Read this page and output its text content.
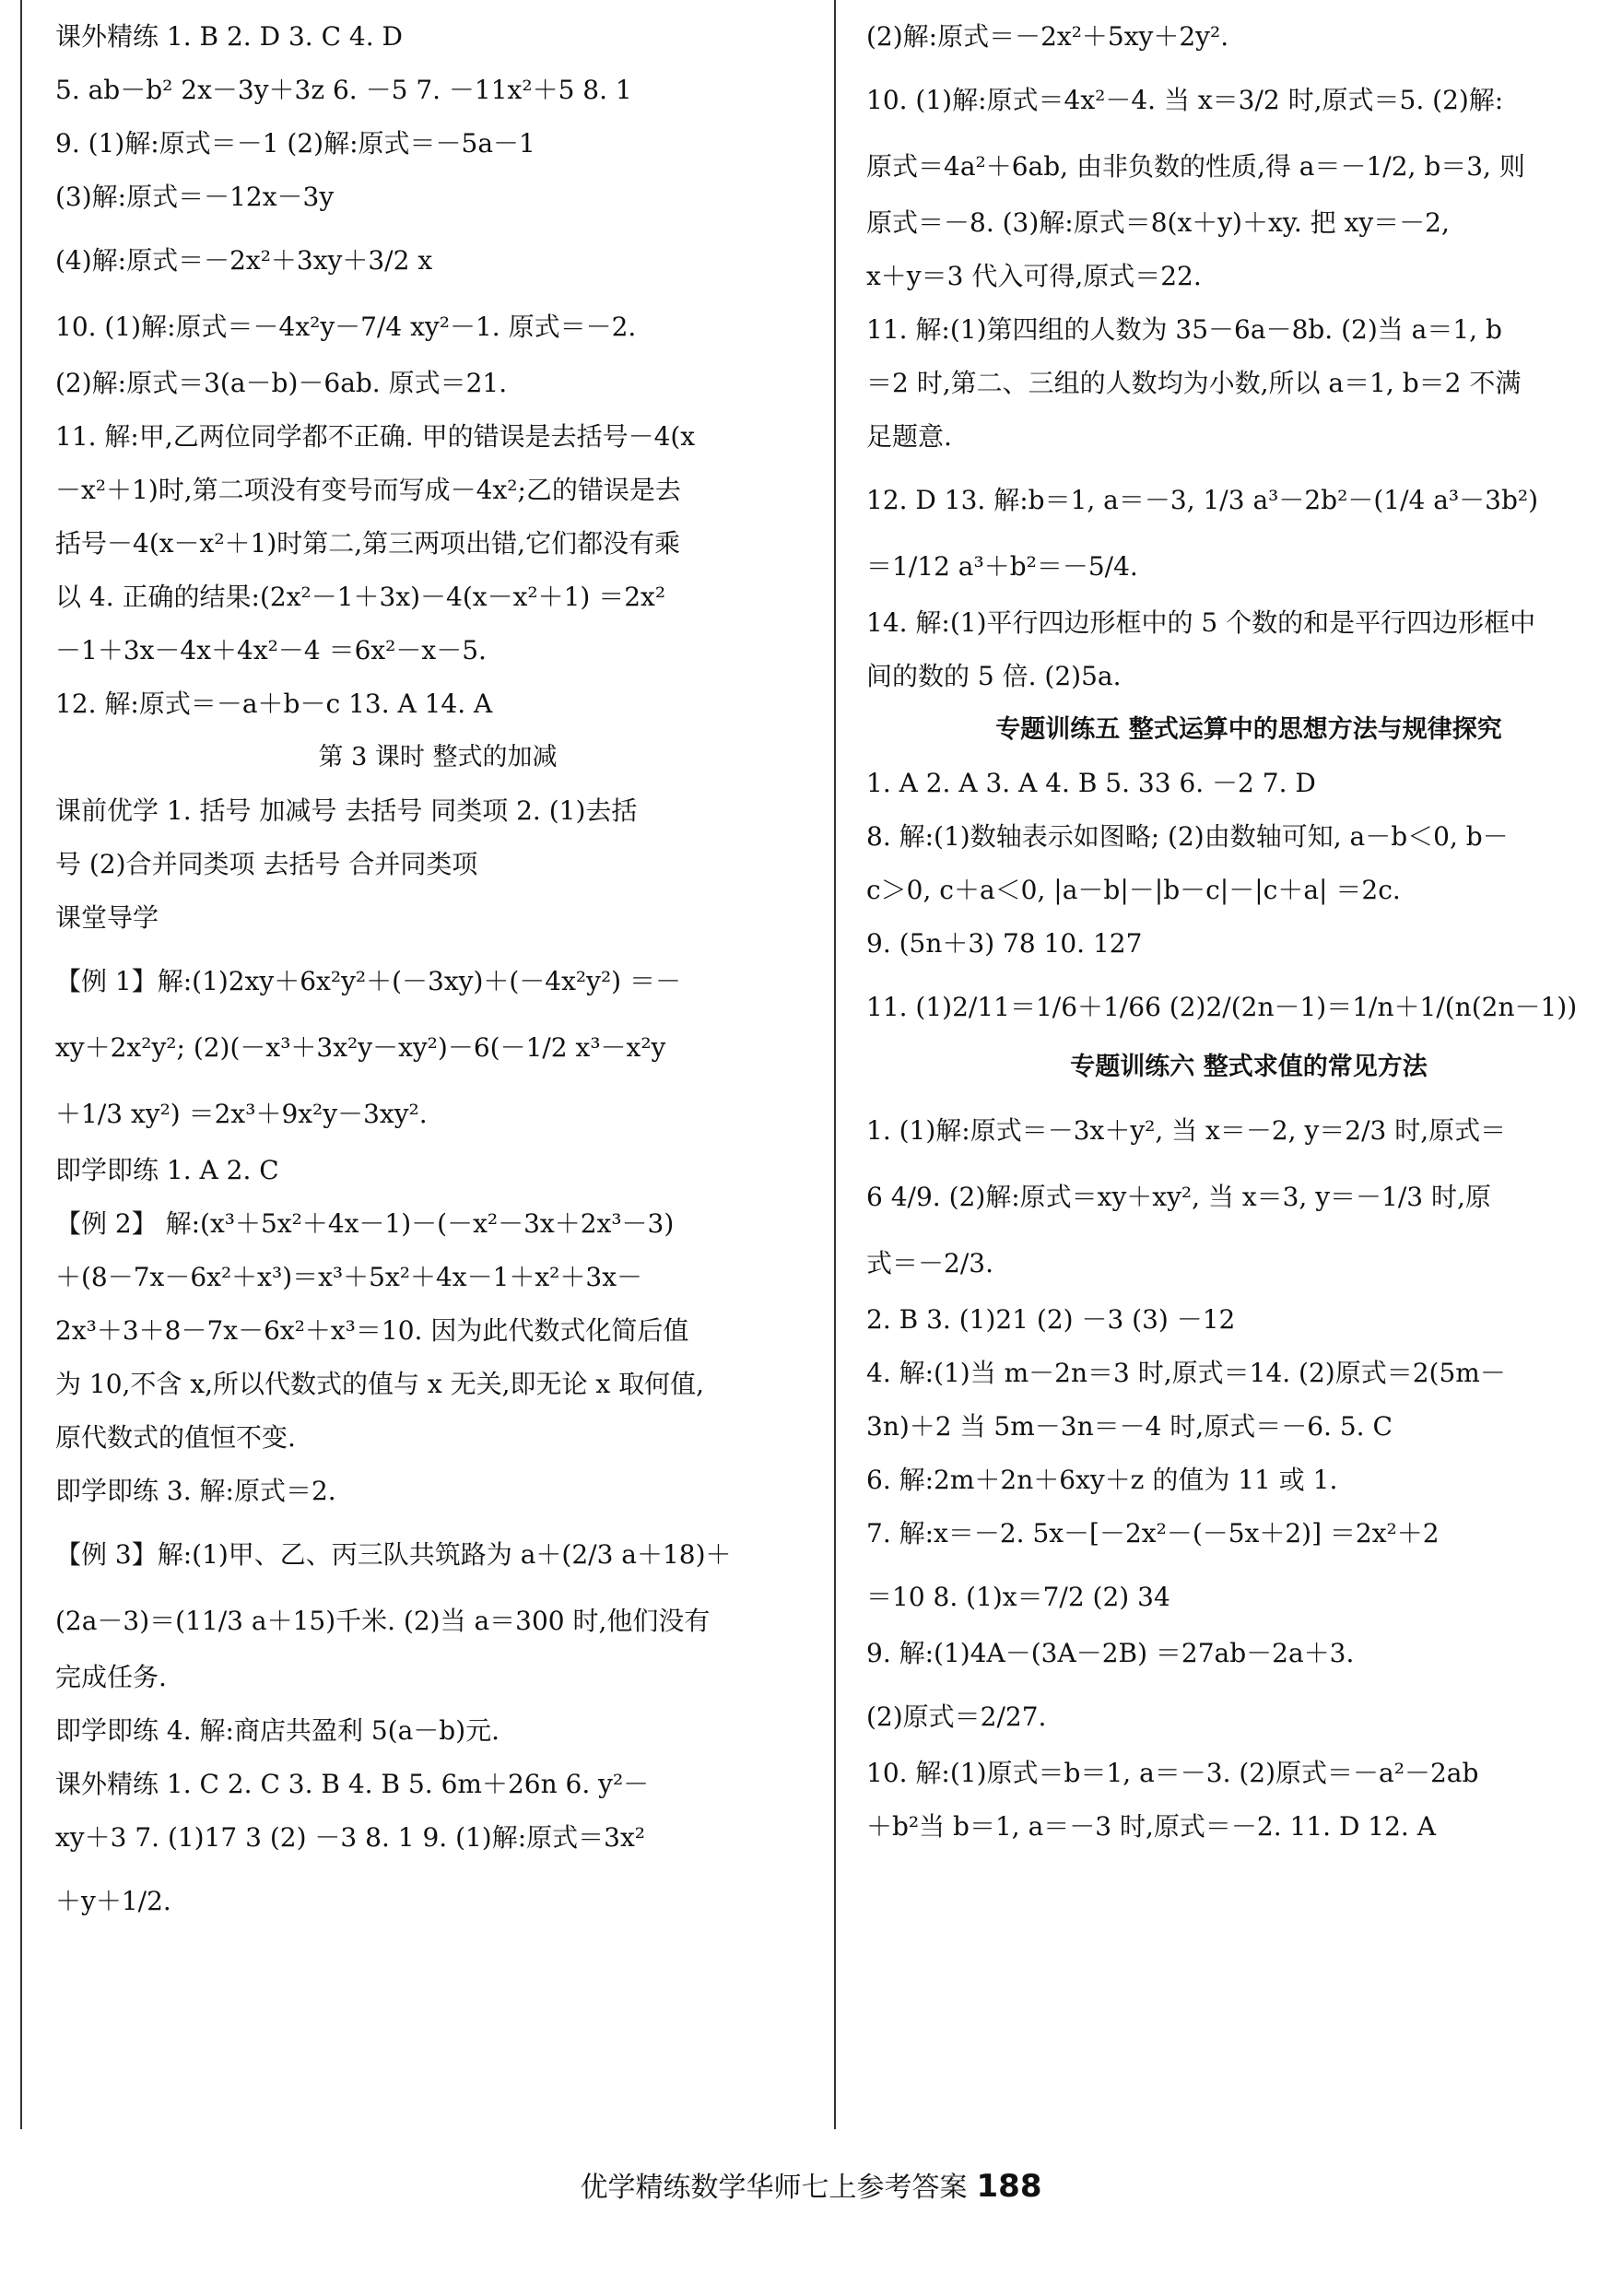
课外精练 1. B 2. D 3. C 4. D
5. ab－b² 2x－3y＋3z 6. －5 7. －11x²＋5 8. 1
9. (1)解:原式＝－1 (2)解:原式＝－5a－1
(3)解:原式＝－12x－3y
(4)解:原式＝－2x²＋3xy＋3/2 x
10. (1)解:原式＝－4x²y－7/4 xy²－1. 原式＝－2.
(2)解:原式＝3(a－b)－6ab. 原式＝21.
11. 解:甲,乙两位同学都不正确. 甲的错误是去括号－4(x
－x²＋1)时,第二项没有变号而写成－4x²;乙的错误是去
括号－4(x－x²＋1)时第二,第三两项出错,它们都没有乘
以 4. 正确的结果:(2x²－1＋3x)－4(x－x²＋1) ＝2x²
－1＋3x－4x＋4x²－4 ＝6x²－x－5.
12. 解:原式＝－a＋b－c 13. A 14. A
第 3 课时 整式的加减
课前优学 1. 括号 加减号 去括号 同类项 2. (1)去括
号 (2)合并同类项 去括号 合并同类项
课堂导学
【例 1】解:(1)2xy＋6x²y²＋(－3xy)＋(－4x²y²) ＝－
xy＋2x²y²; (2)(－x³＋3x²y－xy²)－6(－1/2 x³－x²y
＋1/3 xy²) ＝2x³＋9x²y－3xy².
即学即练 1. A 2. C
【例 2】 解:(x³＋5x²＋4x－1)－(－x²－3x＋2x³－3)
＋(8－7x－6x²＋x³)＝x³＋5x²＋4x－1＋x²＋3x－
2x³＋3＋8－7x－6x²＋x³＝10. 因为此代数式化简后值
为 10,不含 x,所以代数式的值与 x 无关,即无论 x 取何值,
原代数式的值恒不变.
即学即练 3. 解:原式＝2.
【例 3】解:(1)甲、乙、丙三队共筑路为 a＋(2/3 a＋18)＋
(2a－3)＝(11/3 a＋15)千米. (2)当 a＝300 时,他们没有
完成任务.
即学即练 4. 解:商店共盈利 5(a－b)元.
课外精练 1. C 2. C 3. B 4. B 5. 6m＋26n 6. y²－
xy＋3 7. (1)17 3 (2) －3 8. 1 9. (1)解:原式＝3x²
＋y＋1/2.
(2)解:原式＝－2x²＋5xy＋2y².
10. (1)解:原式＝4x²－4. 当 x＝3/2 时,原式＝5. (2)解:
原式＝4a²＋6ab, 由非负数的性质,得 a＝－1/2, b＝3, 则
原式＝－8. (3)解:原式＝8(x＋y)＋xy. 把 xy＝－2,
x＋y＝3 代入可得,原式＝22.
11. 解:(1)第四组的人数为 35－6a－8b. (2)当 a＝1, b
＝2 时,第二、三组的人数均为小数,所以 a＝1, b＝2 不满
足题意.
12. D 13. 解:b＝1, a＝－3, 1/3 a³－2b²－(1/4 a³－3b²)
＝1/12 a³＋b²＝－5/4.
14. 解:(1)平行四边形框中的 5 个数的和是平行四边形框中
间的数的 5 倍. (2)5a.
专题训练五 整式运算中的思想方法与规律探究
1. A 2. A 3. A 4. B 5. 33 6. －2 7. D
8. 解:(1)数轴表示如图略; (2)由数轴可知, a－b＜0, b－
c＞0, c＋a＜0, |a－b|－|b－c|－|c＋a| ＝2c.
9. (5n＋3) 78 10. 127
11. (1)2/11＝1/6＋1/66 (2)2/(2n－1)＝1/n＋1/(n(2n－1))
专题训练六 整式求值的常见方法
1. (1)解:原式＝－3x＋y², 当 x＝－2, y＝2/3 时,原式＝
6 4/9. (2)解:原式＝xy＋xy², 当 x＝3, y＝－1/3 时,原
式＝－2/3.
2. B 3. (1)21 (2) －3 (3) －12
4. 解:(1)当 m－2n＝3 时,原式＝14. (2)原式＝2(5m－
3n)＋2 当 5m－3n＝－4 时,原式＝－6. 5. C
6. 解:2m＋2n＋6xy＋z 的值为 11 或 1.
7. 解:x＝－2. 5x－[－2x²－(－5x＋2)] ＝2x²＋2
＝10 8. (1)x＝7/2 (2) 34
9. 解:(1)4A－(3A－2B) ＝27ab－2a＋3.
(2)原式＝2/27.
10. 解:(1)原式＝b＝1, a＝－3. (2)原式＝－a²－2ab
＋b²当 b＝1, a＝－3 时,原式＝－2. 11. D 12. A
优学精练数学华师七上参考答案 188
